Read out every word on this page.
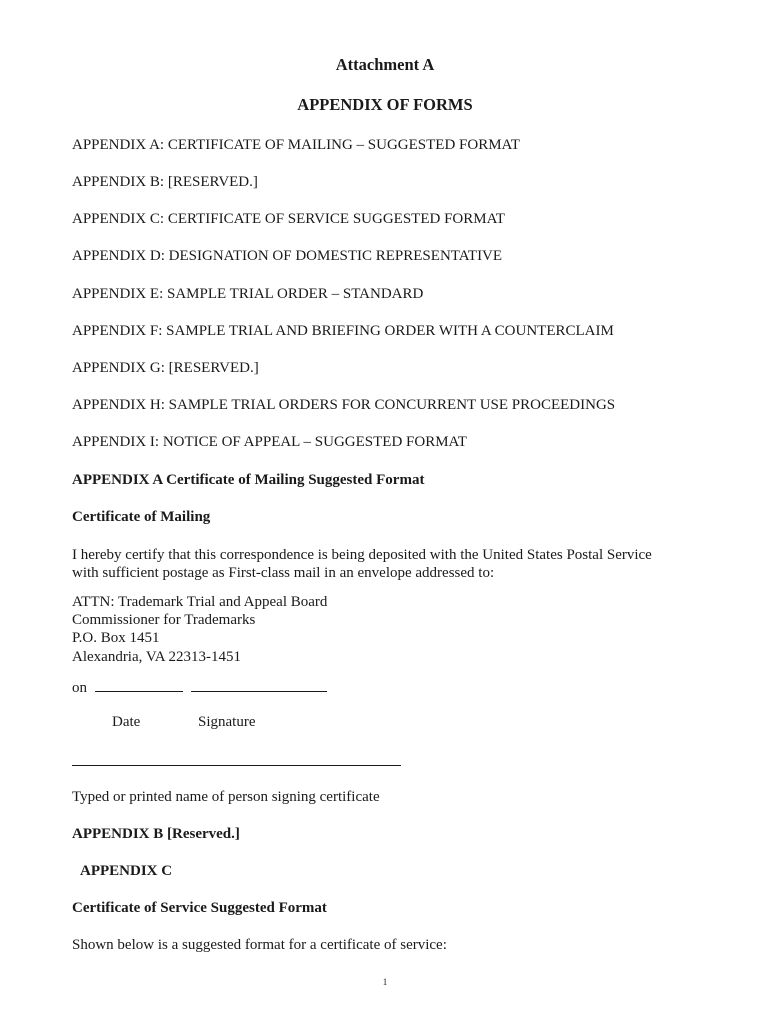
Attachment A
APPENDIX OF FORMS
APPENDIX A: CERTIFICATE OF MAILING – SUGGESTED FORMAT
APPENDIX B: [RESERVED.]
APPENDIX C: CERTIFICATE OF SERVICE SUGGESTED FORMAT
APPENDIX D: DESIGNATION OF DOMESTIC REPRESENTATIVE
APPENDIX E: SAMPLE TRIAL ORDER – STANDARD
APPENDIX F: SAMPLE TRIAL AND BRIEFING ORDER WITH A COUNTERCLAIM
APPENDIX G: [RESERVED.]
APPENDIX H: SAMPLE TRIAL ORDERS FOR CONCURRENT USE PROCEEDINGS
APPENDIX I: NOTICE OF APPEAL – SUGGESTED FORMAT
APPENDIX A Certificate of Mailing Suggested Format
Certificate of Mailing
I hereby certify that this correspondence is being deposited with the United States Postal Service
with sufficient postage as First-class mail in an envelope addressed to:
ATTN: Trademark Trial and Appeal Board
Commissioner for Trademarks
P.O. Box 1451
Alexandria, VA 22313-1451
on
Date	Signature
Typed or printed name of person signing certificate
APPENDIX B [Reserved.]
APPENDIX C
Certificate of Service Suggested Format
Shown below is a suggested format for a certificate of service:
1
